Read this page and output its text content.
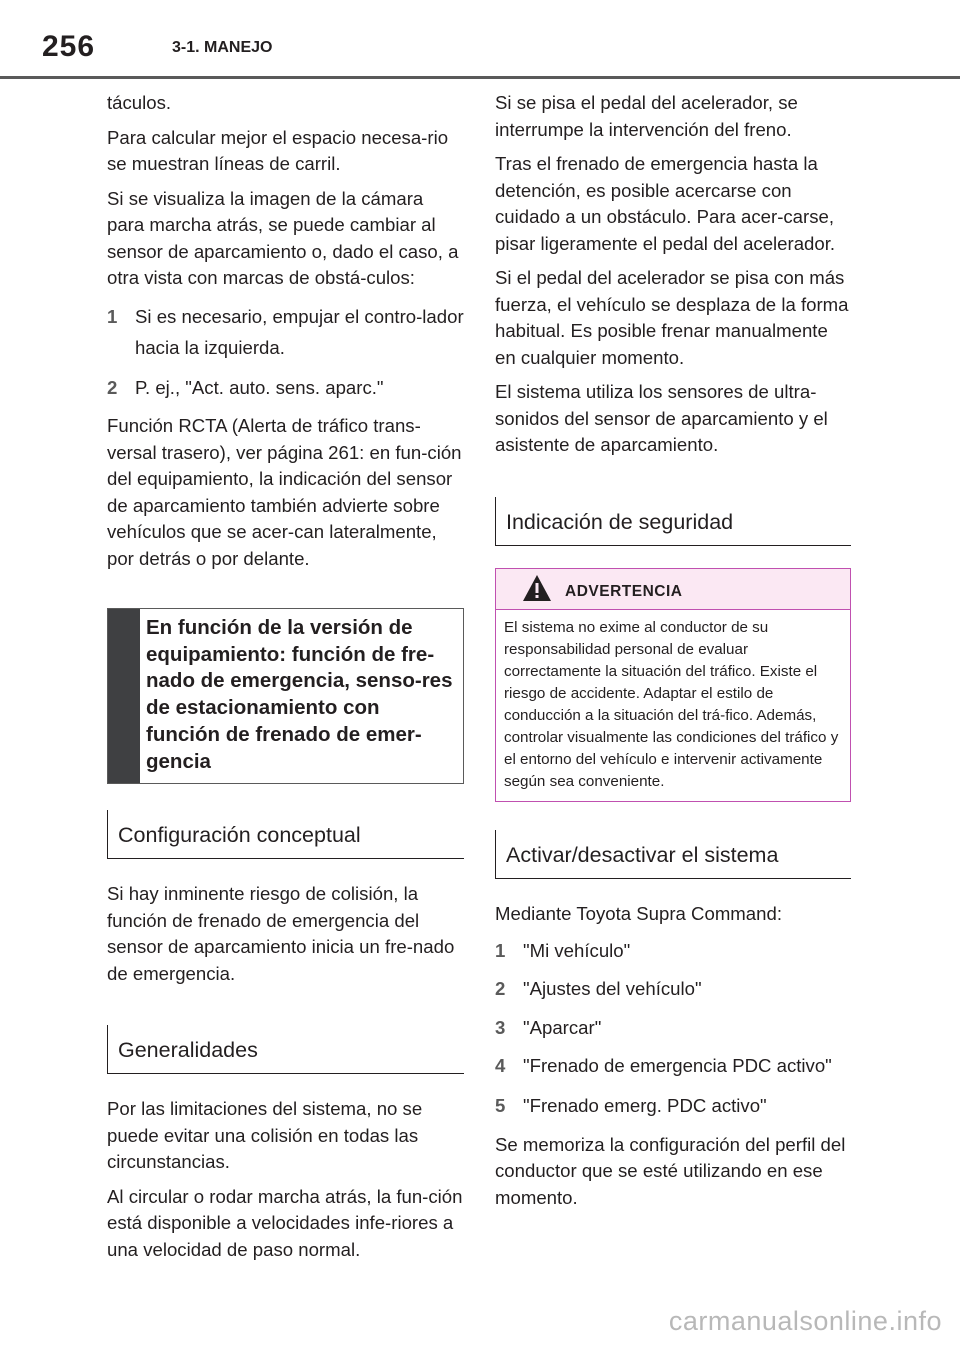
256	3-1. MANEJO

táculos.

Para calcular mejor el espacio necesa-rio se muestran líneas de carril.

Si se visualiza la imagen de la cámara para marcha atrás, se puede cambiar al sensor de aparcamiento o, dado el caso, a otra vista con marcas de obstá-culos:

1 Si es necesario, empujar el contro-lador hacia la izquierda.
2 P. ej., "Act. auto. sens. aparc."

Función RCTA (Alerta de tráfico trans-versal trasero), ver página 261: en fun-ción del equipamiento, la indicación del sensor de aparcamiento también advierte sobre vehículos que se acer-can lateralmente, por detrás o por delante.

En función de la versión de equipamiento: función de fre-nado de emergencia, senso-res de estacionamiento con función de frenado de emer-gencia
Configuración conceptual

Si hay inminente riesgo de colisión, la función de frenado de emergencia del sensor de aparcamiento inicia un fre-nado de emergencia.

Generalidades

Por las limitaciones del sistema, no se puede evitar una colisión en todas las circunstancias.

Al circular o rodar marcha atrás, la fun-ción está disponible a velocidades infe-riores a una velocidad de paso normal.

Si se pisa el pedal del acelerador, se interrumpe la intervención del freno.

Tras el frenado de emergencia hasta la detención, es posible acercarse con cuidado a un obstáculo. Para acer-carse, pisar ligeramente el pedal del acelerador.

Si el pedal del acelerador se pisa con más fuerza, el vehículo se desplaza de la forma habitual. Es posible frenar manualmente en cualquier momento.

El sistema utiliza los sensores de ultra-sonidos del sensor de aparcamiento y el asistente de aparcamiento.

Indicación de seguridad
ADVERTENCIA
El sistema no exime al conductor de su responsabilidad personal de evaluar correctamente la situación del tráfico. Existe el riesgo de accidente. Adaptar el estilo de conducción a la situación del trá-fico. Además, controlar visualmente las condiciones del tráfico y el entorno del vehículo e intervenir activamente según sea conveniente.
Activar/desactivar el sistema

Mediante Toyota Supra Command:

1 "Mi vehículo"
2 "Ajustes del vehículo"
3 "Aparcar"
4 "Frenado de emergencia PDC activo"
5 "Frenado emerg. PDC activo"

Se memoriza la configuración del perfil del conductor que se esté utilizando en ese momento.

carmanualsonline.info
